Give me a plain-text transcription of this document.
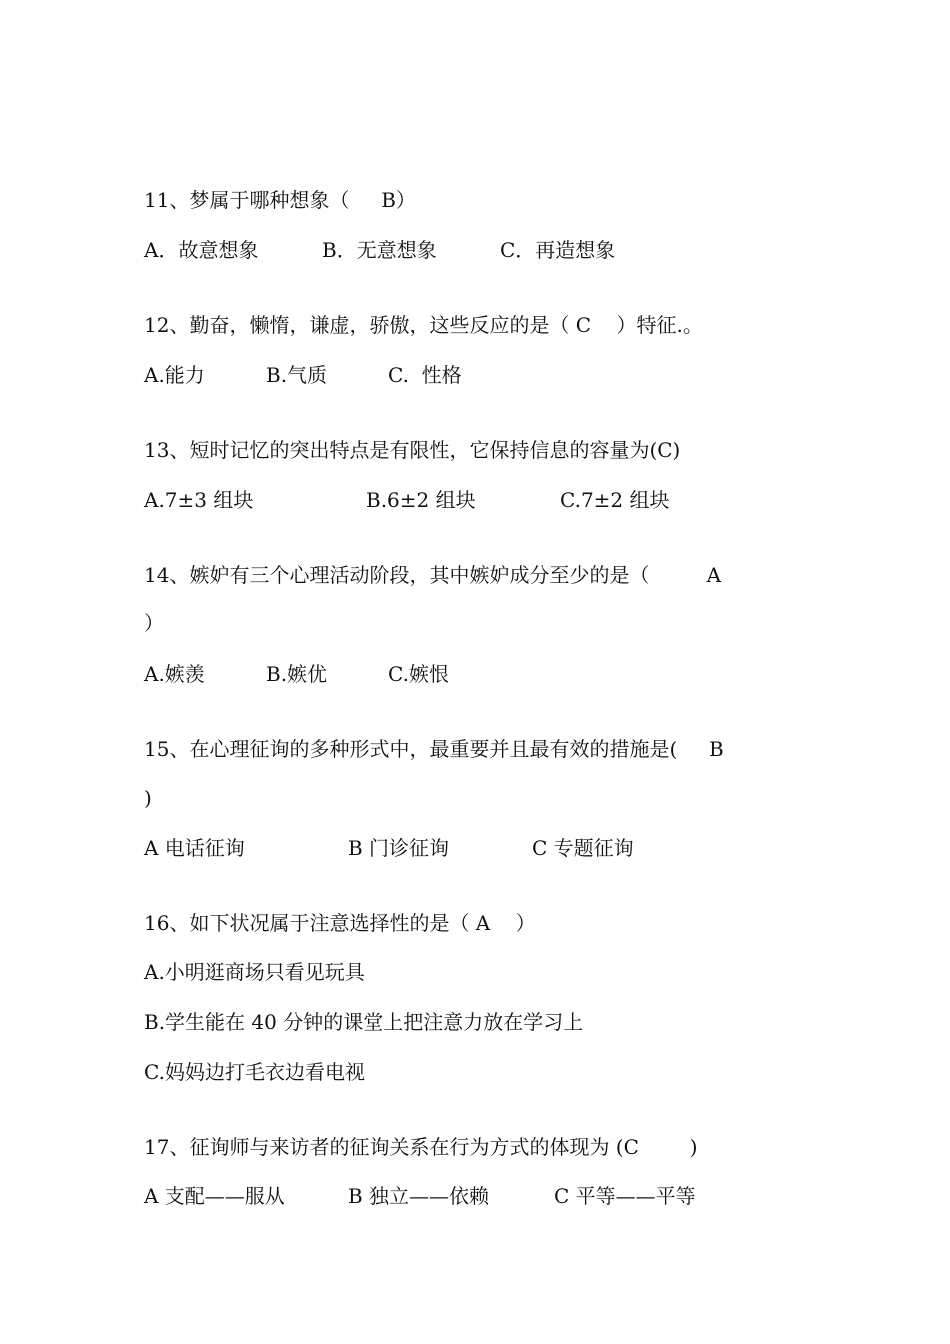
11、梦属于哪种想象（     B）
A．故意想象	B．无意想象	C．再造想象
12、勤奋，懒惰，谦虚，骄傲，这些反应的是（ C    ）特征.。
A.能力	B.气质	C.  性格
13、短时记忆的突出特点是有限性，它保持信息的容量为(C)
A.7±3 组块	B.6±2 组块	C.7±2 组块
14、嫉妒有三个心理活动阶段，其中嫉妒成分至少的是（         A
）
A.嫉羡	B.嫉优	C.嫉恨
15、在心理征询的多种形式中，最重要并且最有效的措施是(     B
)
A 电话征询	B 门诊征询	C 专题征询
16、如下状况属于注意选择性的是（ A    ）
A.小明逛商场只看见玩具
B.学生能在 40 分钟的课堂上把注意力放在学习上
C.妈妈边打毛衣边看电视
17、征询师与来访者的征询关系在行为方式的体现为 (C        )
A 支配——服从	B 独立——依赖	C 平等——平等
